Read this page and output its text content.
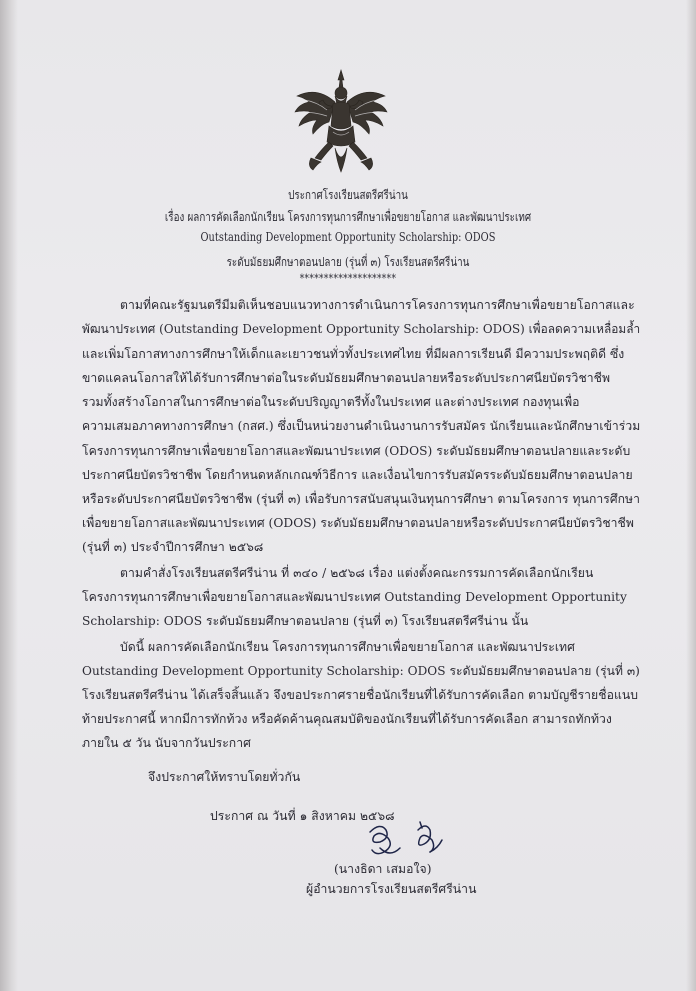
ประกาศโรงเรียนสตรีศรีน่าน
เรื่อง ผลการคัดเลือกนักเรียน โครงการทุนการศึกษาเพื่อขยายโอกาส และพัฒนาประเทศ
Outstanding Development Opportunity Scholarship: ODOS
ระดับมัธยมศึกษาตอนปลาย (รุ่นที่ ๓) โรงเรียนสตรีศรีน่าน
********************
ตามที่คณะรัฐมนตรีมีมติเห็นชอบแนวทางการดำเนินการโครงการทุนการศึกษาเพื่อขยายโอกาสและ
พัฒนาประเทศ (Outstanding Development Opportunity Scholarship: ODOS) เพื่อลดความเหลื่อมล้ำ
และเพิ่มโอกาสทางการศึกษาให้เด็กและเยาวชนทั่วทั้งประเทศไทย ที่มีผลการเรียนดี มีความประพฤติดี ซึ่ง
ขาดแคลนโอกาสให้ได้รับการศึกษาต่อในระดับมัธยมศึกษาตอนปลายหรือระดับประกาศนียบัตรวิชาชีพ
รวมทั้งสร้างโอกาสในการศึกษาต่อในระดับปริญญาตรีทั้งในประเทศ และต่างประเทศ กองทุนเพื่อ
ความเสมอภาคทางการศึกษา (กสศ.) ซึ่งเป็นหน่วยงานดำเนินงานการรับสมัคร นักเรียนและนักศึกษาเข้าร่วม
โครงการทุนการศึกษาเพื่อขยายโอกาสและพัฒนาประเทศ (ODOS) ระดับมัธยมศึกษาตอนปลายและระดับ
ประกาศนียบัตรวิชาชีพ โดยกำหนดหลักเกณฑ์วิธีการ และเงื่อนไขการรับสมัครระดับมัธยมศึกษาตอนปลาย
หรือระดับประกาศนียบัตรวิชาชีพ (รุ่นที่ ๓) เพื่อรับการสนับสนุนเงินทุนการศึกษา ตามโครงการ ทุนการศึกษา
เพื่อขยายโอกาสและพัฒนาประเทศ (ODOS) ระดับมัธยมศึกษาตอนปลายหรือระดับประกาศนียบัตรวิชาชีพ
(รุ่นที่ ๓) ประจำปีการศึกษา ๒๕๖๘
ตามคำสั่งโรงเรียนสตรีศรีน่าน ที่ ๓๔๐ / ๒๕๖๘ เรื่อง แต่งตั้งคณะกรรมการคัดเลือกนักเรียน
โครงการทุนการศึกษาเพื่อขยายโอกาสและพัฒนาประเทศ Outstanding Development Opportunity
Scholarship: ODOS ระดับมัธยมศึกษาตอนปลาย (รุ่นที่ ๓) โรงเรียนสตรีศรีน่าน นั้น
บัดนี้ ผลการคัดเลือกนักเรียน โครงการทุนการศึกษาเพื่อขยายโอกาส และพัฒนาประเทศ
Outstanding Development Opportunity Scholarship: ODOS ระดับมัธยมศึกษาตอนปลาย (รุ่นที่ ๓)
โรงเรียนสตรีศรีน่าน ได้เสร็จสิ้นแล้ว จึงขอประกาศรายชื่อนักเรียนที่ได้รับการคัดเลือก ตามบัญชีรายชื่อแนบ
ท้ายประกาศนี้ หากมีการทักท้วง หรือคัดค้านคุณสมบัติของนักเรียนที่ได้รับการคัดเลือก สามารถทักท้วง
ภายใน ๕ วัน นับจากวันประกาศ
จึงประกาศให้ทราบโดยทั่วกัน
ประกาศ ณ วันที่ ๑ สิงหาคม ๒๕๖๘
(นางธิดา เสมอใจ)
ผู้อำนวยการโรงเรียนสตรีศรีน่าน
